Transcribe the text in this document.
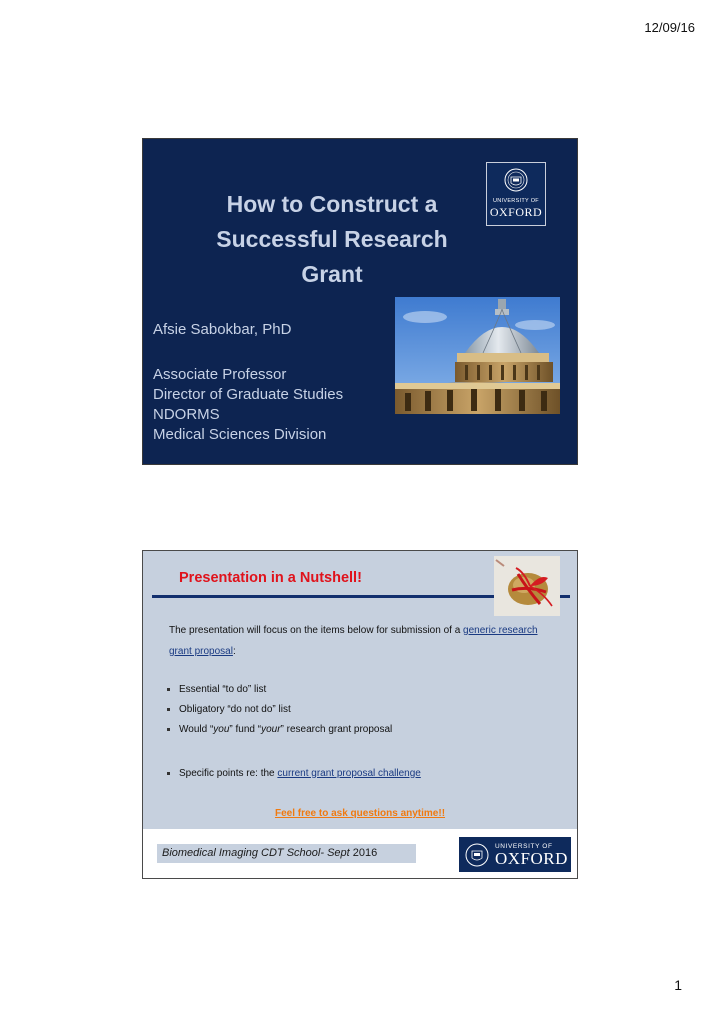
12/09/16
How to Construct a
Successful Research
Grant
UNIVERSITY OF
OXFORD
Afsie Sabokbar, PhD
Associate Professor
Director of Graduate Studies
NDORMS
Medical Sciences Division
Presentation in a Nutshell!
The presentation will focus on the items below for submission of a generic research grant proposal:
Essential “to do” list
Obligatory “do not do” list
Would “you” fund “your” research grant proposal
Specific points re: the current grant proposal challenge
Feel free to ask questions anytime!!
Biomedical Imaging CDT School- Sept 2016
UNIVERSITY OF
OXFORD
1
